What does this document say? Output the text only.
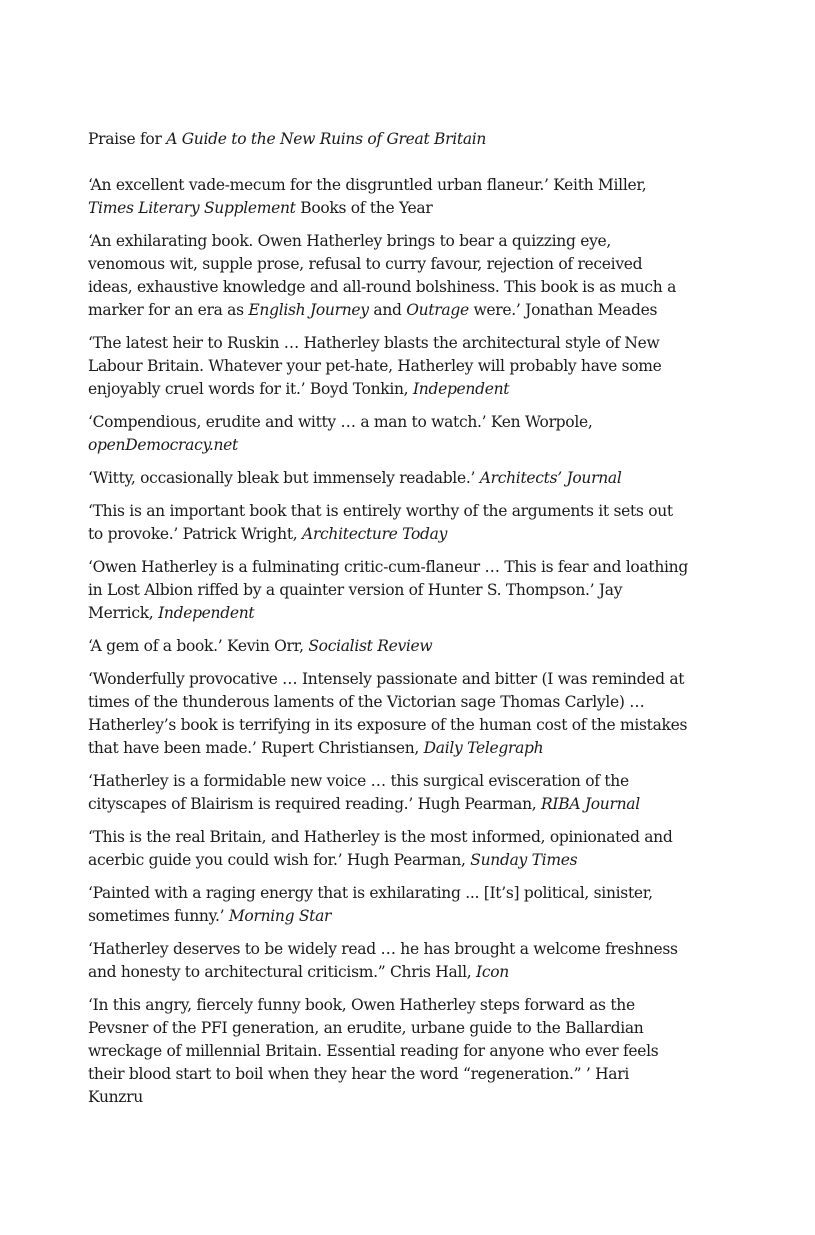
Praise for A Guide to the New Ruins of Great Britain

‘An excellent vade-mecum for the disgruntled urban flaneur.’ Keith Miller, Times Literary Supplement Books of the Year

‘An exhilarating book. Owen Hatherley brings to bear a quizzing eye, venomous wit, supple prose, refusal to curry favour, rejection of received ideas, exhaustive knowledge and all-round bolshiness. This book is as much a marker for an era as English Journey and Outrage were.’ Jonathan Meades

‘The latest heir to Ruskin … Hatherley blasts the architectural style of New Labour Britain. Whatever your pet-hate, Hatherley will probably have some enjoyably cruel words for it.’ Boyd Tonkin, Independent

‘Compendious, erudite and witty … a man to watch.’ Ken Worpole, openDemocracy.net

‘Witty, occasionally bleak but immensely readable.’ Architects’ Journal

‘This is an important book that is entirely worthy of the arguments it sets out to provoke.’ Patrick Wright, Architecture Today

‘Owen Hatherley is a fulminating critic-cum-flaneur … This is fear and loathing in Lost Albion riffed by a quainter version of Hunter S. Thompson.’ Jay Merrick, Independent

‘A gem of a book.’ Kevin Orr, Socialist Review

‘Wonderfully provocative … Intensely passionate and bitter (I was reminded at times of the thunderous laments of the Victorian sage Thomas Carlyle) … Hatherley’s book is terrifying in its exposure of the human cost of the mistakes that have been made.’ Rupert Christiansen, Daily Telegraph

‘Hatherley is a formidable new voice … this surgical evisceration of the cityscapes of Blairism is required reading.’ Hugh Pearman, RIBA Journal

‘This is the real Britain, and Hatherley is the most informed, opinionated and acerbic guide you could wish for.’ Hugh Pearman, Sunday Times

‘Painted with a raging energy that is exhilarating ... [It’s] political, sinister, sometimes funny.’ Morning Star

‘Hatherley deserves to be widely read … he has brought a welcome freshness and honesty to architectural criticism.” Chris Hall, Icon

‘In this angry, fiercely funny book, Owen Hatherley steps forward as the Pevsner of the PFI generation, an erudite, urbane guide to the Ballardian wreckage of millennial Britain. Essential reading for anyone who ever feels their blood start to boil when they hear the word “regeneration.” ’ Hari Kunzru
